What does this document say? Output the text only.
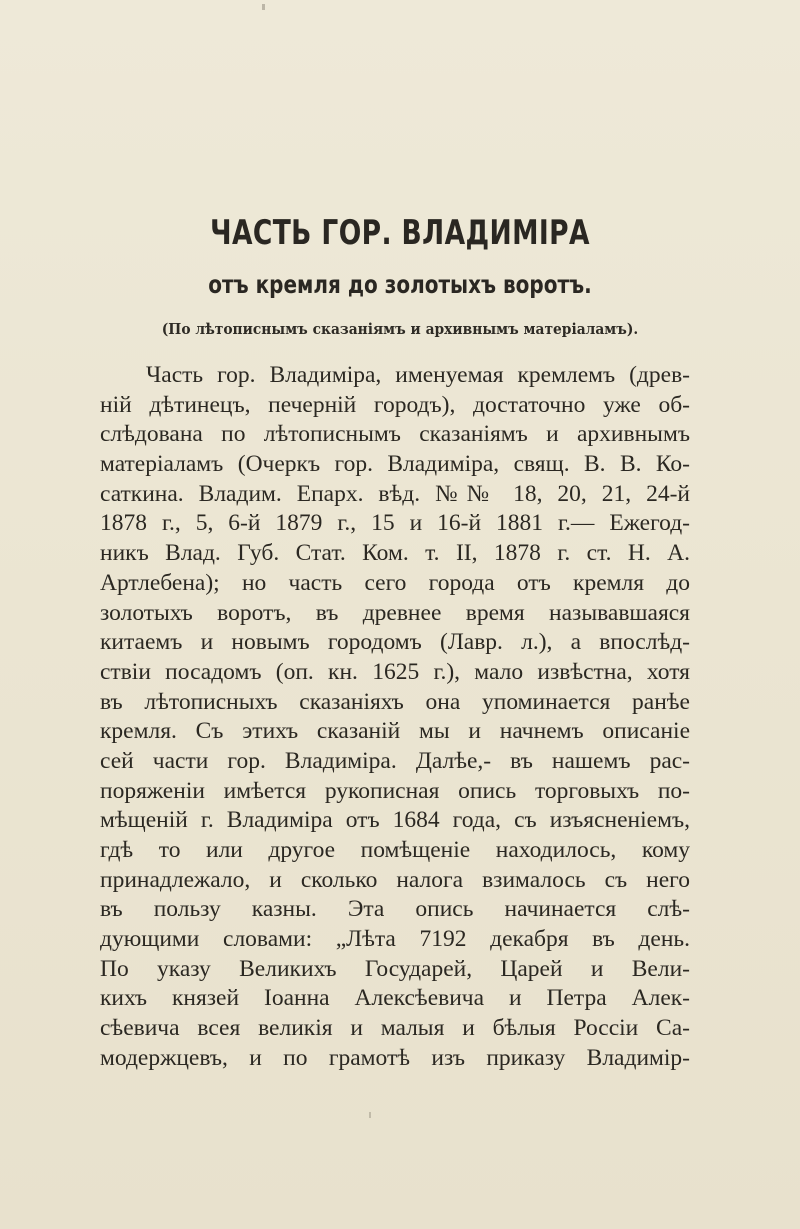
ЧАСТЬ ГОР. ВЛАДИМІРА
отъ кремля до золотыхъ воротъ.
(По лѣтописнымъ сказаніямъ и архивнымъ матеріаламъ).
Часть гор. Владиміра, именуемая кремлемъ (древ-
ній дѣтинецъ, печерній городъ), достаточно уже об-
слѣдована по лѣтописнымъ сказаніямъ и архивнымъ
матеріаламъ (Очеркъ гор. Владиміра, свящ. В. В. Ко-
саткина. Владим. Епарх. вѣд. №№ 18, 20, 21, 24-й
1878 г., 5, 6-й 1879 г., 15 и 16-й 1881 г.— Ежегод-
никъ Влад. Губ. Стат. Ком. т. II, 1878 г. ст. Н. А.
Артлебена); но часть сего города отъ кремля до
золотыхъ воротъ, въ древнее время называвшаяся
китаемъ и новымъ городомъ (Лавр. л.), а впослѣд-
ствіи посадомъ (оп. кн. 1625 г.), мало извѣстна, хотя
въ лѣтописныхъ сказаніяхъ она упоминается ранѣе
кремля. Съ этихъ сказаній мы и начнемъ описаніе
сей части гор. Владиміра. Далѣе,- въ нашемъ рас-
поряженіи имѣется рукописная опись торговыхъ по-
мѣщеній г. Владиміра отъ 1684 года, съ изъясненіемъ,
гдѣ то или другое помѣщеніе находилось, кому
принадлежало, и сколько налога взималось съ него
въ пользу казны. Эта опись начинается слѣ-
дующими словами: „Лѣта 7192 декабря въ день.
По указу Великихъ Государей, Царей и Вели-
кихъ князей Іоанна Алексѣевича и Петра Алек-
сѣевича всея великія и малыя и бѣлыя Россіи Са-
модержцевъ, и по грамотѣ изъ приказу Владимір-
